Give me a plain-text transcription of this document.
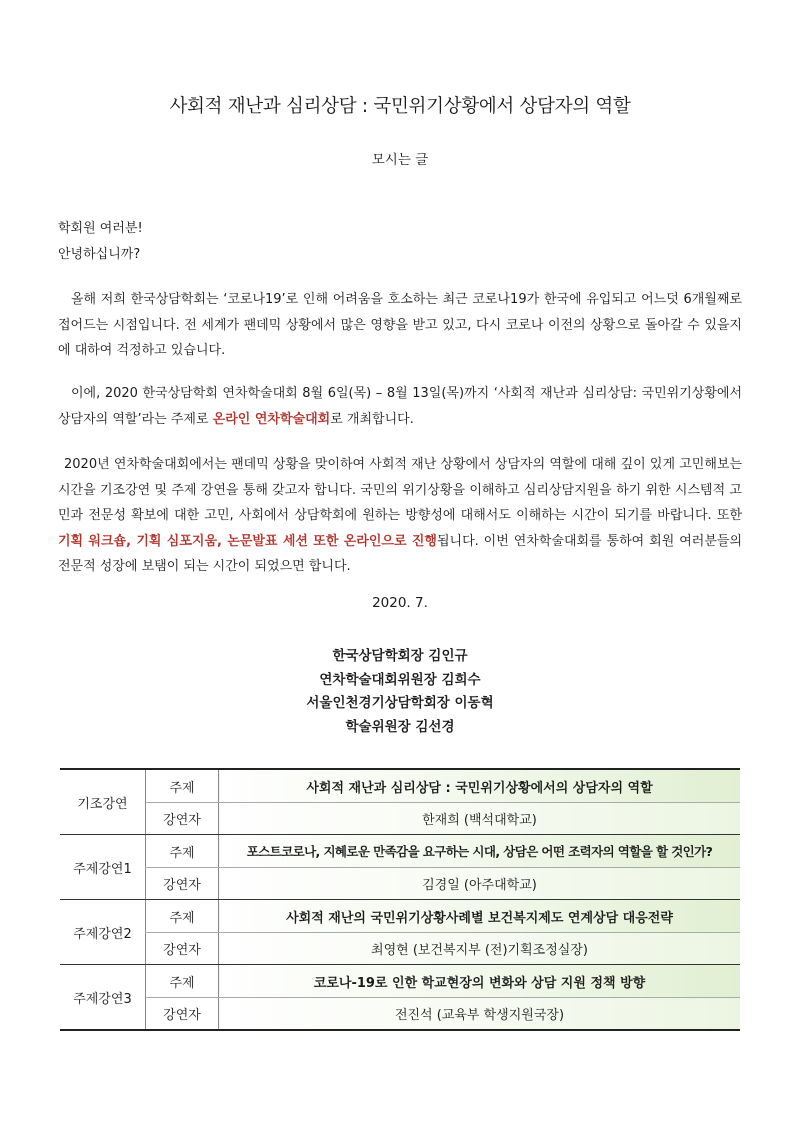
사회적 재난과 심리상담 : 국민위기상황에서 상담자의 역할
모시는 글
학회원 여러분!
안녕하십니까?
올해 저희 한국상담학회는 ‘코로나19’로 인해 어려움을 호소하는 최근 코로나19가 한국에 유입되고 어느덧 6개월째로 접어드는 시점입니다. 전 세계가 팬데믹 상황에서 많은 영향을 받고 있고, 다시 코로나 이전의 상황으로 돌아갈 수 있을지에 대하여 걱정하고 있습니다.
이에, 2020 한국상담학회 연차학술대회 8월 6일(목) – 8월 13일(목)까지 ‘사회적 재난과 심리상담: 국민위기상황에서 상담자의 역할’라는 주제로 온라인 연차학술대회로 개최합니다.
2020년 연차학술대회에서는 팬데믹 상황을 맞이하여 사회적 재난 상황에서 상담자의 역할에 대해 깊이 있게 고민해보는 시간을 기조강연 및 주제 강연을 통해 갖고자 합니다. 국민의 위기상황을 이해하고 심리상담지원을 하기 위한 시스템적 고민과 전문성 확보에 대한 고민, 사회에서 상담학회에 원하는 방향성에 대해서도 이해하는 시간이 되기를 바랍니다. 또한 기획 워크숍, 기획 심포지움, 논문발표 세션 또한 온라인으로 진행됩니다. 이번 연차학술대회를 통하여 회원 여러분들의 전문적 성장에 보탬이 되는 시간이 되었으면 합니다.
2020. 7.
한국상담학회장 김인규
연차학술대회위원장 김희수
서울인천경기상담학회장 이동혁
학술위원장 김선경
기조강연	주제	사회적 재난과 심리상담 : 국민위기상황에서의 상담자의 역할
	강연자	한재희 (백석대학교)
주제강연1	주제	포스트코로나, 지혜로운 만족감을 요구하는 시대, 상담은 어떤 조력자의 역할을 할 것인가?
	강연자	김경일 (아주대학교)
주제강연2	주제	사회적 재난의 국민위기상황사례별 보건복지제도 연계상담 대응전략
	강연자	최영현 (보건복지부 (전)기획조정실장)
주제강연3	주제	코로나-19로 인한 학교현장의 변화와 상담 지원 정책 방향
	강연자	전진석 (교육부 학생지원국장)
